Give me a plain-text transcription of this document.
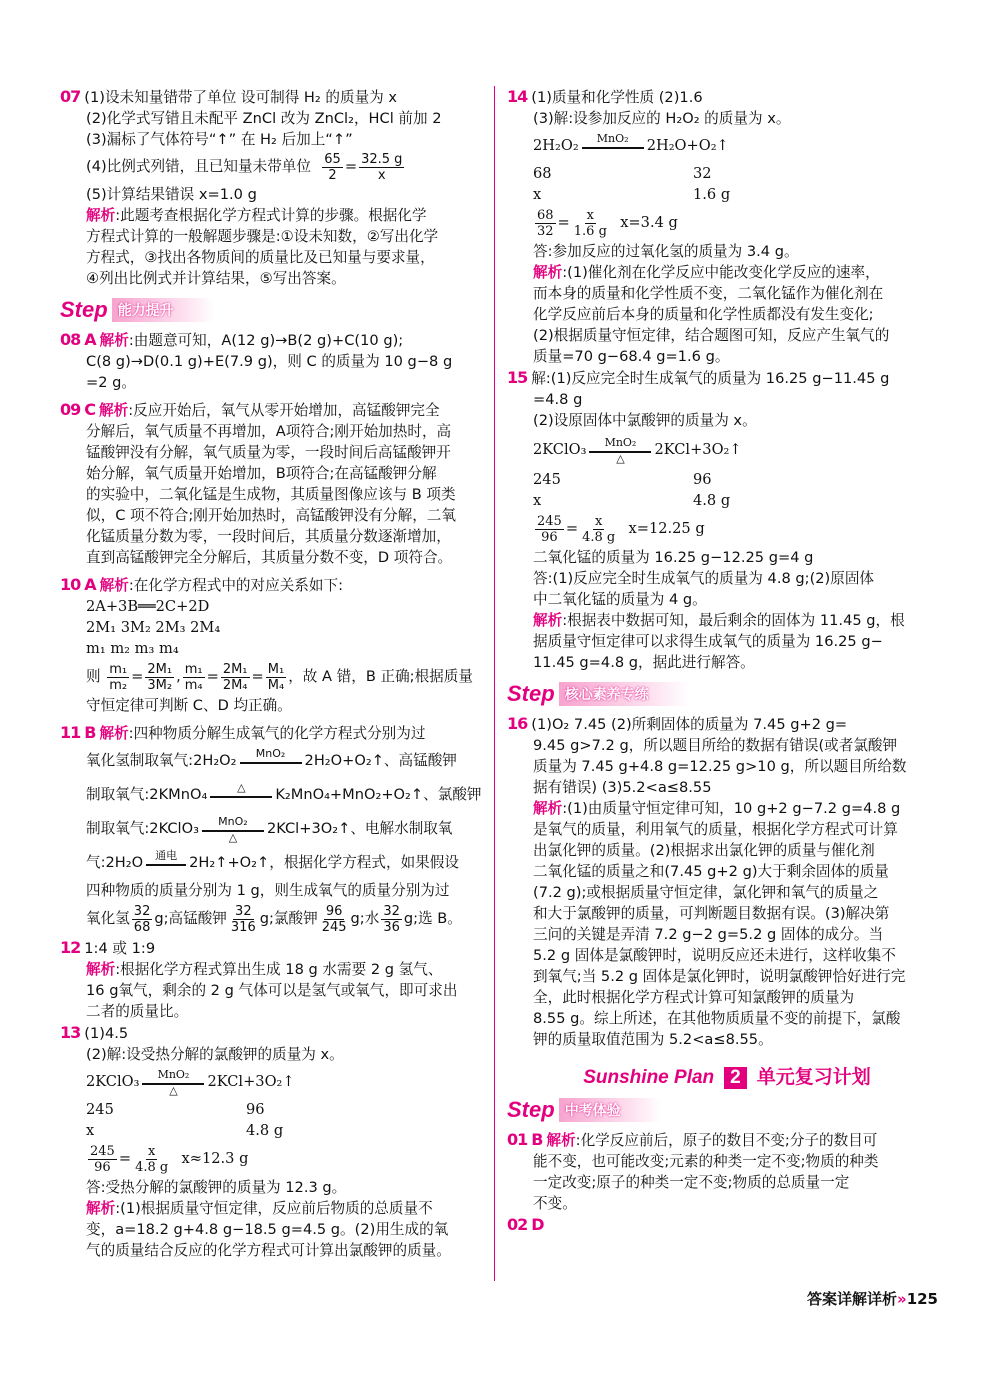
07 (1)设未知量错带了单位 设可制得 H₂ 的质量为 x
(2)化学式写错且未配平 ZnCl 改为 ZnCl₂，HCl 前加 2
(3)漏标了气体符号“↑” 在 H₂ 后加上“↑”
(4)比例式列错，且已知量未带单位 $\frac{65}{2} = \frac{32.5 g}{x}$
(5)计算结果错误 x=1.0 g
解析:此题考查根据化学方程式计算的步骤。根据化学
方程式计算的一般解题步骤是:①设未知数，②写出化学
方程式，③找出各物质间的质量比及已知量与要求量，
④列出比例式并计算结果，⑤写出答案。
Step 能力提升
08 A 解析:由题意可知，A(12 g)→B(2 g)+C(10 g);
C(8 g)→D(0.1 g)+E(7.9 g)，则 C 的质量为 10 g−8 g
=2 g。
09 C 解析:反应开始后，氧气从零开始增加，高锰酸钾完全
分解后，氧气质量不再增加，A项符合;刚开始加热时，高
锰酸钾没有分解，氧气质量为零，一段时间后高锰酸钾开
始分解，氧气质量开始增加，B项符合;在高锰酸钾分解
的实验中，二氧化锰是生成物，其质量图像应该与 B 项类
似，C 项不符合;刚开始加热时，高锰酸钾没有分解，二氧
化锰质量分数为零，一段时间后，其质量分数逐渐增加，
直到高锰酸钾完全分解后，其质量分数不变，D 项符合。
10 A 解析:在化学方程式中的对应关系如下:
2A+3B══2C+2D
2M₁ 3M₂ 2M₃ 2M₄
m₁ m₂ m₃ m₄
则 $\frac{\text{m₁}}{\text{m₂}} = \frac{\text{2M₁}}{\text{3M₂}}$ , $\frac{\text{m₁}}{\text{m₄}} = \frac{\text{2M₁}}{\text{2M₄}} = \frac{\text{M₁}}{\text{M₄}}$ ，故 A 错，B 正确;根据质量
守恒定律可判断 C、D 均正确。
11 B 解析:四种物质分解生成氧气的化学方程式分别为过
氧化氢制取氧气:2H₂O₂ MnO₂
2H₂O+O₂↑、高锰酸钾
制取氧气:2KMnO₄	△
K₂MnO₄+MnO₂+O₂↑、氯酸钾
制取氧气:2KClO₃ MnO₂
△ 2KCl+3O₂↑、电解水制取氧
气:2H₂O 通电
2H₂↑+O₂↑，根据化学方程式，如果假设
四种物质的质量分别为 1 g，则生成氧气的质量分别为过
氧化氢 $\frac{32}{68} g$;高锰酸钾 $\frac{32}{316} g$;氯酸钾 $\frac{96}{245} g$;水 $\frac{32}{36} g$;选 B。
12 1:4 或 1:9
解析:根据化学方程式算出生成 18 g 水需要 2 g 氢气、
16 g氧气，剩余的 2 g 气体可以是氢气或氧气，即可求出
二者的质量比。
13 (1)4.5
(2)解:设受热分解的氯酸钾的质量为 x。
2KClO₃ MnO₂
△ 2KCl+3O₂↑
245	96
x	4.8 g
$\frac{245}{96} = \frac{x}{4.8 g} x\approx 12.3$ g
答:受热分解的氯酸钾的质量为 12.3 g。
解析:(1)根据质量守恒定律，反应前后物质的总质量不
变，a=18.2 g+4.8 g−18.5 g=4.5 g。(2)用生成的氧
气的质量结合反应的化学方程式可计算出氯酸钾的质量。
14 (1)质量和化学性质 (2)1.6
(3)解:设参加反应的 H₂O₂ 的质量为 x。
2H₂O₂ MnO₂
2H₂O+O₂↑
68	32
x	1.6 g
$\frac{68}{32} = \frac{x}{1.6 g} x=3.4$ g
答:参加反应的过氧化氢的质量为 3.4 g。
解析:(1)催化剂在化学反应中能改变化学反应的速率，
而本身的质量和化学性质不变，二氧化锰作为催化剂在
化学反应前后本身的质量和化学性质都没有发生变化;
(2)根据质量守恒定律，结合题图可知，反应产生氧气的
质量=70 g−68.4 g=1.6 g。
15 解:(1)反应完全时生成氧气的质量为 16.25 g−11.45 g
=4.8 g
(2)设原固体中氯酸钾的质量为 x。
2KClO₃ MnO₂
△ 2KCl+3O₂↑
245	96
x	4.8 g
$\frac{245}{96} = \frac{x}{4.8 g} x=12.25$ g
二氧化锰的质量为 16.25 g−12.25 g=4 g
答:(1)反应完全时生成氧气的质量为 4.8 g;(2)原固体
中二氧化锰的质量为 4 g。
解析:根据表中数据可知，最后剩余的固体为 11.45 g，根
据质量守恒定律可以求得生成氧气的质量为 16.25 g−
11.45 g=4.8 g，据此进行解答。
Step 核心素养专练
16 (1)O₂ 7.45 (2)所剩固体的质量为 7.45 g+2 g=
9.45 g>7.2 g，所以题目所给的数据有错误(或者氯酸钾
质量为 7.45 g+4.8 g=12.25 g>10 g，所以题目所给数
据有错误) (3)5.2<a≤8.55
解析:(1)由质量守恒定律可知，10 g+2 g−7.2 g=4.8 g
是氧气的质量，利用氧气的质量，根据化学方程式可计算
出氯化钾的质量。(2)根据求出氯化钾的质量与催化剂
二氧化锰的质量之和(7.45 g+2 g)大于剩余固体的质量
(7.2 g);或根据质量守恒定律，氯化钾和氧气的质量之
和大于氯酸钾的质量，可判断题目数据有误。(3)解决第
三问的关键是弄清 7.2 g−2 g=5.2 g 固体的成分。当
5.2 g 固体是氯酸钾时，说明反应还未进行，这样收集不
到氧气;当 5.2 g 固体是氯化钾时，说明氯酸钾恰好进行完
全，此时根据化学方程式计算可知氯酸钾的质量为
8.55 g。综上所述，在其他物质质量不变的前提下，氯酸
钾的质量取值范围为 5.2<a≤8.55。
Sunshine Plan 2 单元复习计划
Step 中考体验
01 B 解析:化学反应前后，原子的数目不变;分子的数目可
能不变，也可能改变;元素的种类一定不变;物质的种类
一定改变;原子的种类一定不变;物质的总质量一定
不变。
02 D
答案详解详析»125
